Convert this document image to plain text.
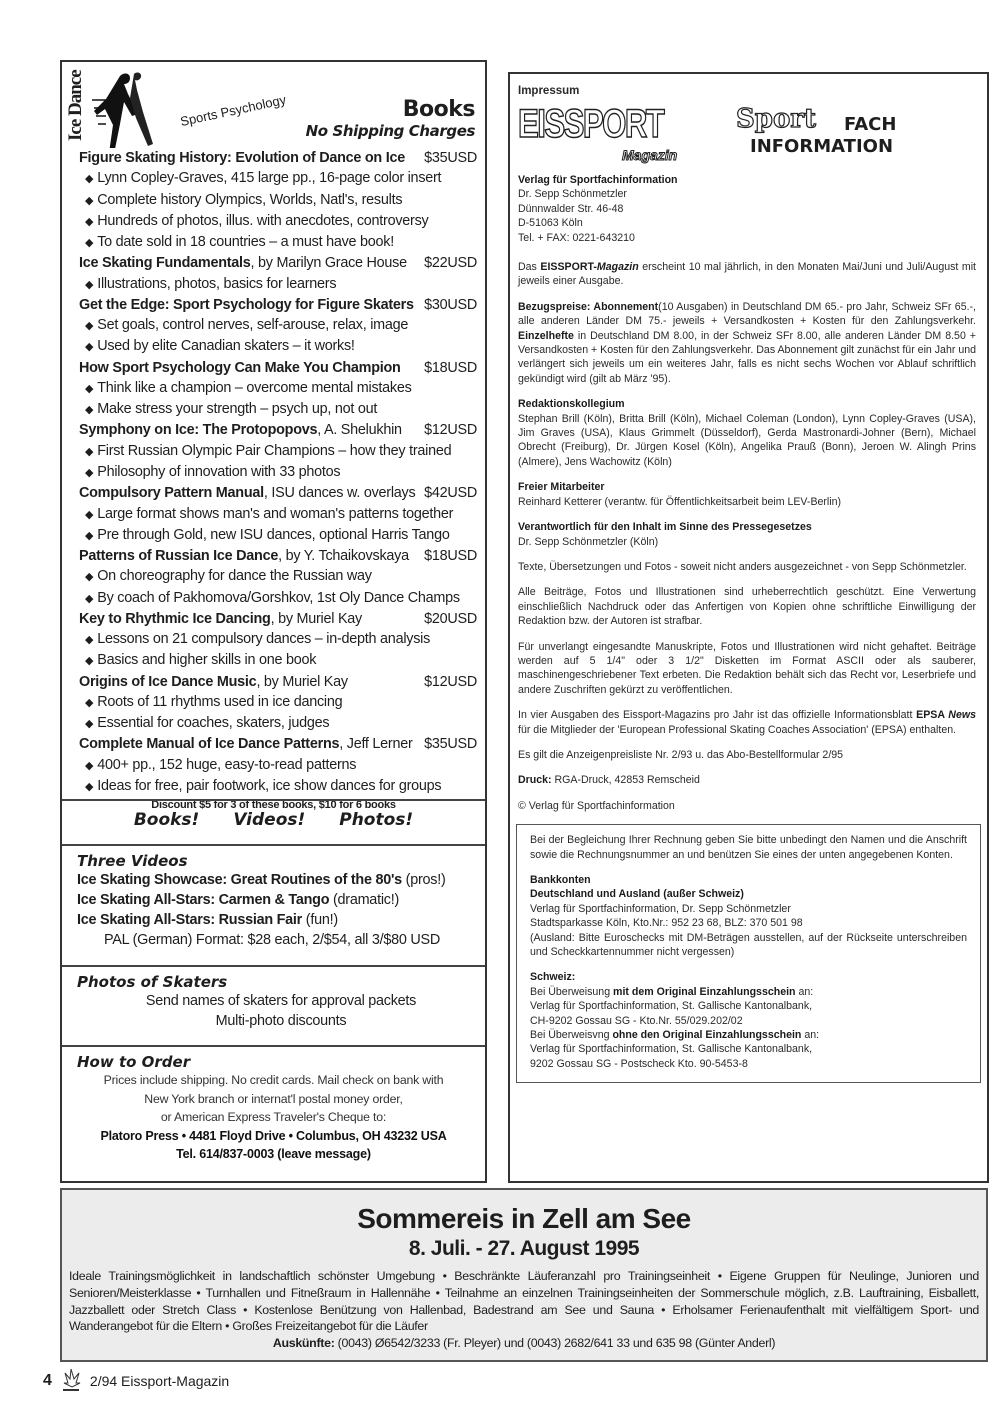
Ice Dance	Sports Psychology	Books
No Shipping Charges
Figure Skating History: Evolution of Dance on Ice $35USD
◆ Lynn Copley-Graves, 415 large pp., 16-page color insert
◆ Complete history Olympics, Worlds, Natl's, results
◆ Hundreds of photos, illus. with anecdotes, controversy
◆ To date sold in 18 countries – a must have book!
Ice Skating Fundamentals, by Marilyn Grace House $22USD
◆ Illustrations, photos, basics for learners
Get the Edge: Sport Psychology for Figure Skaters $30USD
◆ Set goals, control nerves, self-arouse, relax, image
◆ Used by elite Canadian skaters – it works!
How Sport Psychology Can Make You Champion $18USD
◆ Think like a champion – overcome mental mistakes
◆ Make stress your strength – psych up, not out
Symphony on Ice: The Protopopovs, A. Shelukhin $12USD
◆ First Russian Olympic Pair Champions – how they trained
◆ Philosophy of innovation with 33 photos
Compulsory Pattern Manual, ISU dances w. overlays $42USD
◆ Large format shows man's and woman's patterns together
◆ Pre through Gold, new ISU dances, optional Harris Tango
Patterns of Russian Ice Dance, by Y. Tchaikovskaya $18USD
◆ On choreography for dance the Russian way
◆ By coach of Pakhomova/Gorshkov, 1st Oly Dance Champs
Key to Rhythmic Ice Dancing, by Muriel Kay	$20USD
◆ Lessons on 21 compulsory dances – in-depth analysis
◆ Basics and higher skills in one book
Origins of Ice Dance Music, by Muriel Kay	$12USD
◆ Roots of 11 rhythms used in ice dancing
◆ Essential for coaches, skaters, judges
Complete Manual of Ice Dance Patterns, Jeff Lerner $35USD
◆ 400+ pp., 152 huge, easy-to-read patterns
◆ Ideas for free, pair footwork, ice show dances for groups
Discount $5 for 3 of these books, $10 for 6 books
Books! Videos! Photos!
Three Videos
Ice Skating Showcase: Great Routines of the 80's (pros!)
Ice Skating All-Stars: Carmen & Tango (dramatic!)
Ice Skating All-Stars: Russian Fair (fun!)
PAL (German) Format: $28 each, 2/$54, all 3/$80 USD
Photos of Skaters
Send names of skaters for approval packets
Multi-photo discounts
How to Order
Prices include shipping. No credit cards. Mail check on bank with
New York branch or internat'l postal money order,
or American Express Traveler's Cheque to:
Platoro Press • 4481 Floyd Drive • Columbus, OH 43232 USA
Tel. 614/837-0003 (leave message)
Impressum
EISSPORT
Magazin
Sport FACH
INFORMATION
Verlag für Sportfachinformation
Dr. Sepp Schönmetzler
Dünnwalder Str. 46-48
D-51063 Köln
Tel. + FAX: 0221-643210
Das EISSPORT-Magazin erscheint 10 mal jährlich, in den Monaten Mai/Juni und Juli/August mit jeweils einer Ausgabe.
Bezugspreise: Abonnement(10 Ausgaben) in Deutschland DM 65.- pro Jahr, Schweiz SFr 65.-, alle anderen Länder DM 75.- jeweils + Versandkosten + Kosten für den Zahlungsverkehr. Einzelhefte in Deutschland DM 8.00, in der Schweiz SFr 8.00, alle anderen Länder DM 8.50 + Versandkosten + Kosten für den Zahlungsverkehr. Das Abonnement gilt zunächst für ein Jahr und verlängert sich jeweils um ein weiteres Jahr, falls es nicht sechs Wochen vor Ablauf schriftlich gekündigt wird (gilt ab März '95).
Redaktionskollegium
Stephan Brill (Köln), Britta Brill (Köln), Michael Coleman (London), Lynn Copley-Graves (USA), Jim Graves (USA), Klaus Grimmelt (Düsseldorf), Gerda Mastronardi-Johner (Bern), Michael Obrecht (Freiburg), Dr. Jürgen Kosel (Köln), Angelika Prauß (Bonn), Jeroen W. Alingh Prins (Almere), Jens Wachowitz (Köln)
Freier Mitarbeiter
Reinhard Ketterer (verantw. für Öffentlichkeitsarbeit beim LEV-Berlin)
Verantwortlich für den Inhalt im Sinne des Pressegesetzes
Dr. Sepp Schönmetzler (Köln)
Texte, Übersetzungen und Fotos - soweit nicht anders ausgezeichnet - von Sepp Schönmetzler.
Alle Beiträge, Fotos und Illustrationen sind urheberrechtlich geschützt. Eine Verwertung einschließlich Nachdruck oder das Anfertigen von Kopien ohne schriftliche Einwilligung der Redaktion bzw. der Autoren ist strafbar.
Für unverlangt eingesandte Manuskripte, Fotos und Illustrationen wird nicht gehaftet. Beiträge werden auf 5 1/4" oder 3 1/2" Disketten im Format ASCII oder als sauberer, maschinengeschriebener Text erbeten. Die Redaktion behält sich das Recht vor, Leserbriefe und andere Zuschriften gekürzt zu veröffentlichen.
In vier Ausgaben des Eissport-Magazins pro Jahr ist das offizielle Informationsblatt EPSA News für die Mitglieder der 'European Professional Skating Coaches Association' (EPSA) enthalten.
Es gilt die Anzeigenpreisliste Nr. 2/93 u. das Abo-Bestellformular 2/95
Druck: RGA-Druck, 42853 Remscheid
© Verlag für Sportfachinformation
Bei der Begleichung Ihrer Rechnung geben Sie bitte unbedingt den Namen und die Anschrift sowie die Rechnungsnummer an und benützen Sie eines der unten angegebenen Konten.
Bankkonten
Deutschland und Ausland (außer Schweiz)
Verlag für Sportfachinformation, Dr. Sepp Schönmetzler
Stadtsparkasse Köln, Kto.Nr.: 952 23 68, BLZ: 370 501 98
(Ausland: Bitte Euroschecks mit DM-Beträgen ausstellen, auf der Rückseite unterschreiben und Scheckkartennummer nicht vergessen)
Schweiz:
Bei Überweisung mit dem Original Einzahlungsschein an:
Verlag für Sportfachinformation, St. Gallische Kantonalbank,
CH-9202 Gossau SG - Kto.Nr. 55/029.202/02
Bei Überweisvng ohne den Original Einzahlungsschein an:
Verlag für Sportfachinformation, St. Gallische Kantonalbank,
9202 Gossau SG - Postscheck Kto. 90-5453-8
Sommereis in Zell am See
8. Juli. - 27. August 1995
Ideale Trainingsmöglichkeit in landschaftlich schönster Umgebung • Beschränkte Läuferanzahl pro Trainingseinheit • Eigene Gruppen für Neulinge, Junioren und Senioren/Meisterklasse • Turnhallen und Fitneßraum in Hallennähe • Teilnahme an einzelnen Trainingseinheiten der Sommerschule möglich, z.B. Lauftraining, Eisballett, Jazzballett oder Stretch Class • Kostenlose Benützung von Hallenbad, Badestrand am See und Sauna • Erholsamer Ferienaufenthalt mit vielfältigem Sport- und Wanderangebot für die Eltern • Großes Freizeitangebot für die Läufer
Auskünfte: (0043) Ø6542/3233 (Fr. Pleyer) und (0043) 2682/641 33 und 635 98 (Günter Anderl)
4	2/94 Eissport-Magazin
